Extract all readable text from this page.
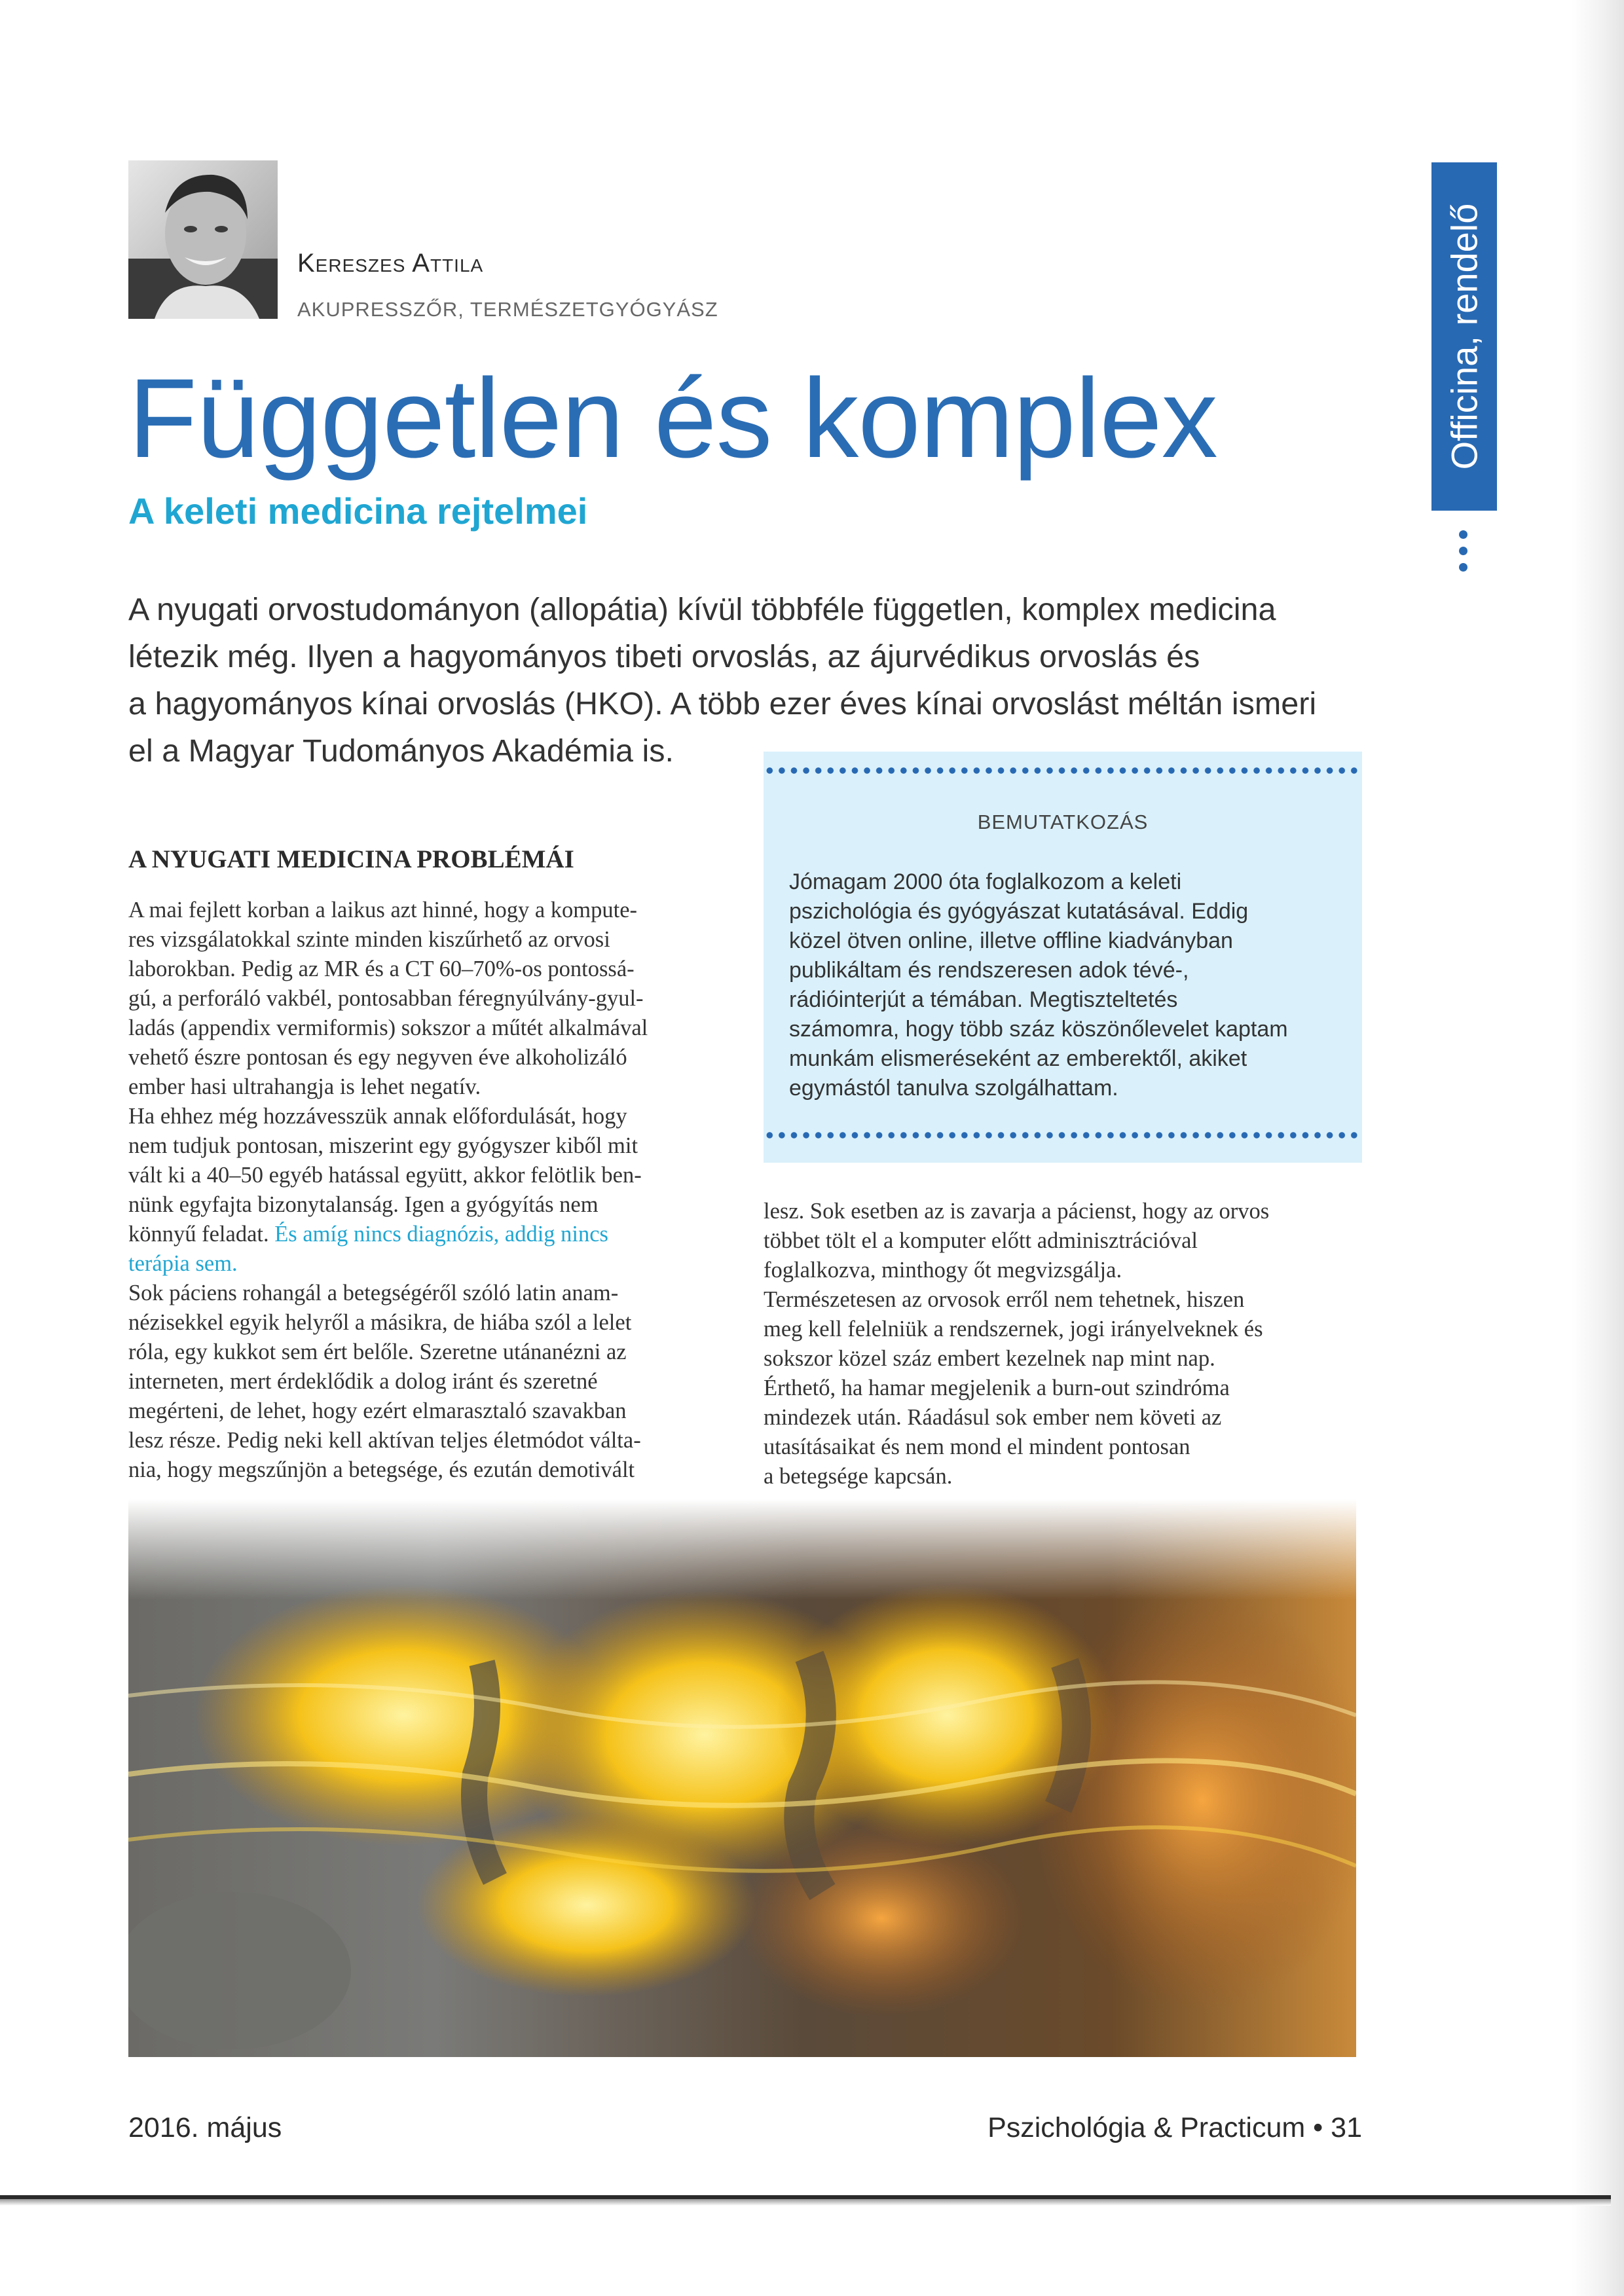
Kereszes Attila
AKUPRESSZŐR, TERMÉSZETGYÓGYÁSZ
Független és komplex
A keleti medicina rejtelmei
Officina, rendelő

A nyugati orvostudományon (allopátia) kívül többféle független, komplex medicina

létezik még. Ilyen a hagyományos tibeti orvoslás, az ájurvédikus orvoslás és

a hagyományos kínai orvoslás (HKO). A több ezer éves kínai orvoslást méltán ismeri

el a Magyar Tudományos Akadémia is.

BEMUTATKOZÁS

Jómagam 2000 óta foglalkozom a keleti

pszichológia és gyógyászat kutatásával. Eddig

közel ötven online, illetve offline kiadványban

publikáltam és rendszeresen adok tévé-,

rádióinterjút a témában. Megtiszteltetés

számomra, hogy több száz köszönőlevelet kaptam

munkám elismeréseként az emberektől, akiket

egymástól tanulva szolgálhattam.

A NYUGATI MEDICINA PROBLÉMÁI

A mai fejlett korban a laikus azt hinné, hogy a kompute-

res vizsgálatokkal szinte minden kiszűrhető az orvosi

laborokban. Pedig az MR és a CT 60–70%-os pontossá-

gú, a perforáló vakbél, pontosabban féregnyúlvány-gyul-

ladás (appendix vermiformis) sokszor a műtét alkalmával

vehető észre pontosan és egy negyven éve alkoholizáló

ember hasi ultrahangja is lehet negatív.

Ha ehhez még hozzávesszük annak előfordulását, hogy

nem tudjuk pontosan, miszerint egy gyógyszer kiből mit

vált ki a 40–50 egyéb hatással együtt, akkor felötlik ben-

nünk egyfajta bizonytalanság. Igen a gyógyítás nem

könnyű feladat. És amíg nincs diagnózis, addig nincs

terápia sem.

Sok páciens rohangál a betegségéről szóló latin anam-

nézisekkel egyik helyről a másikra, de hiába szól a lelet

róla, egy kukkot sem ért belőle. Szeretne utánanézni az

interneten, mert érdeklődik a dolog iránt és szeretné

megérteni, de lehet, hogy ezért elmarasztaló szavakban

lesz része. Pedig neki kell aktívan teljes életmódot válta-

nia, hogy megszűnjön a betegsége, és ezután demotivált

lesz. Sok esetben az is zavarja a pácienst, hogy az orvos

többet tölt el a komputer előtt adminisztrációval

foglalkozva, minthogy őt megvizsgálja.

Természetesen az orvosok erről nem tehetnek, hiszen

meg kell felelniük a rendszernek, jogi irányelveknek és

sokszor közel száz embert kezelnek nap mint nap.

Érthető, ha hamar megjelenik a burn-out szindróma

mindezek után. Ráadásul sok ember nem követi az

utasításaikat és nem mond el mindent pontosan

a betegsége kapcsán.

2016. május	Pszichológia & Practicum • 31
